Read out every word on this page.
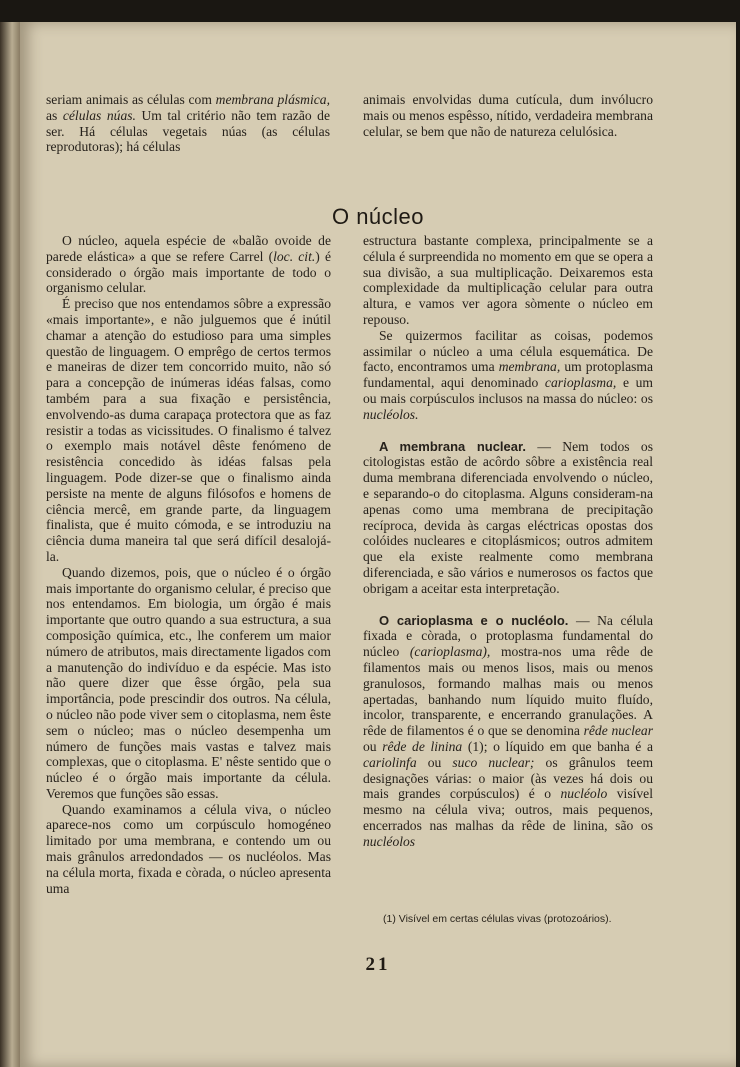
seriam animais as células com membrana plásmica, as células núas. Um tal critério não tem razão de ser. Há células vegetais núas (as células reprodutoras); há células

animais envolvidas duma cutícula, dum invólucro mais ou menos espêsso, nítido, verdadeira membrana celular, se bem que não de natureza celulósica.

O núcleo

O núcleo, aquela espécie de «balão ovoide de parede elástica» a que se refere Carrel (loc. cit.) é considerado o órgão mais importante de todo o organismo celular.

É preciso que nos entendamos sôbre a expressão «mais importante», e não julguemos que é inútil chamar a atenção do estudioso para uma simples questão de linguagem. O emprêgo de certos termos e maneiras de dizer tem concorrido muito, não só para a concepção de inúmeras idéas falsas, como também para a sua fixação e persistência, envolvendo-as duma carapaça protectora que as faz resistir a todas as vicissitudes. O finalismo é talvez o exemplo mais notável dêste fenómeno de resistência concedido às idéas falsas pela linguagem. Pode dizer-se que o finalismo ainda persiste na mente de alguns filósofos e homens de ciência mercê, em grande parte, da linguagem finalista, que é muito cómoda, e se introduziu na ciência duma maneira tal que será difícil desalojá-la.

Quando dizemos, pois, que o núcleo é o órgão mais importante do organismo celular, é preciso que nos entendamos. Em biologia, um órgão é mais importante que outro quando a sua estructura, a sua composição química, etc., lhe conferem um maior número de atributos, mais directamente ligados com a manutenção do indivíduo e da espécie. Mas isto não quere dizer que êsse órgão, pela sua importância, pode prescindir dos outros. Na célula, o núcleo não pode viver sem o citoplasma, nem êste sem o núcleo; mas o núcleo desempenha um número de funções mais vastas e talvez mais complexas, que o citoplasma. E' nêste sentido que o núcleo é o órgão mais importante da célula. Veremos que funções são essas.

Quando examinamos a célula viva, o núcleo aparece-nos como um corpúsculo homogéneo limitado por uma membrana, e contendo um ou mais grânulos arredondados — os nucléolos. Mas na célula morta, fixada e còrada, o núcleo apresenta uma

estructura bastante complexa, principalmente se a célula é surpreendida no momento em que se opera a sua divisão, a sua multiplicação. Deixaremos esta complexidade da multiplicação celular para outra altura, e vamos ver agora sòmente o núcleo em repouso.

Se quizermos facilitar as coisas, podemos assimilar o núcleo a uma célula esquemática. De facto, encontramos uma membrana, um protoplasma fundamental, aqui denominado carioplasma, e um ou mais corpúsculos inclusos na massa do núcleo: os nucléolos.

A membrana nuclear. — Nem todos os citologistas estão de acôrdo sôbre a existência real duma membrana diferenciada envolvendo o núcleo, e separando-o do citoplasma. Alguns consideram-na apenas como uma membrana de precipitação recíproca, devida às cargas eléctricas opostas dos colóides nucleares e citoplásmicos; outros admitem que ela existe realmente como membrana diferenciada, e são vários e numerosos os factos que obrigam a aceitar esta interpretação.

O carioplasma e o nucléolo. — Na célula fixada e còrada, o protoplasma fundamental do núcleo (carioplasma), mostra-nos uma rêde de filamentos mais ou menos lisos, mais ou menos granulosos, formando malhas mais ou menos apertadas, banhando num líquido muito fluído, incolor, transparente, e encerrando granulações. A rêde de filamentos é o que se denomina rêde nuclear ou rêde de linina (1); o líquido em que banha é a cariolinfa ou suco nuclear; os grânulos teem designações várias: o maior (às vezes há dois ou mais grandes corpúsculos) é o nucléolo visível mesmo na célula viva; outros, mais pequenos, encerrados nas malhas da rêde de linina, são os nucléolos

(1) Visível em certas células vivas (protozoários).
21
